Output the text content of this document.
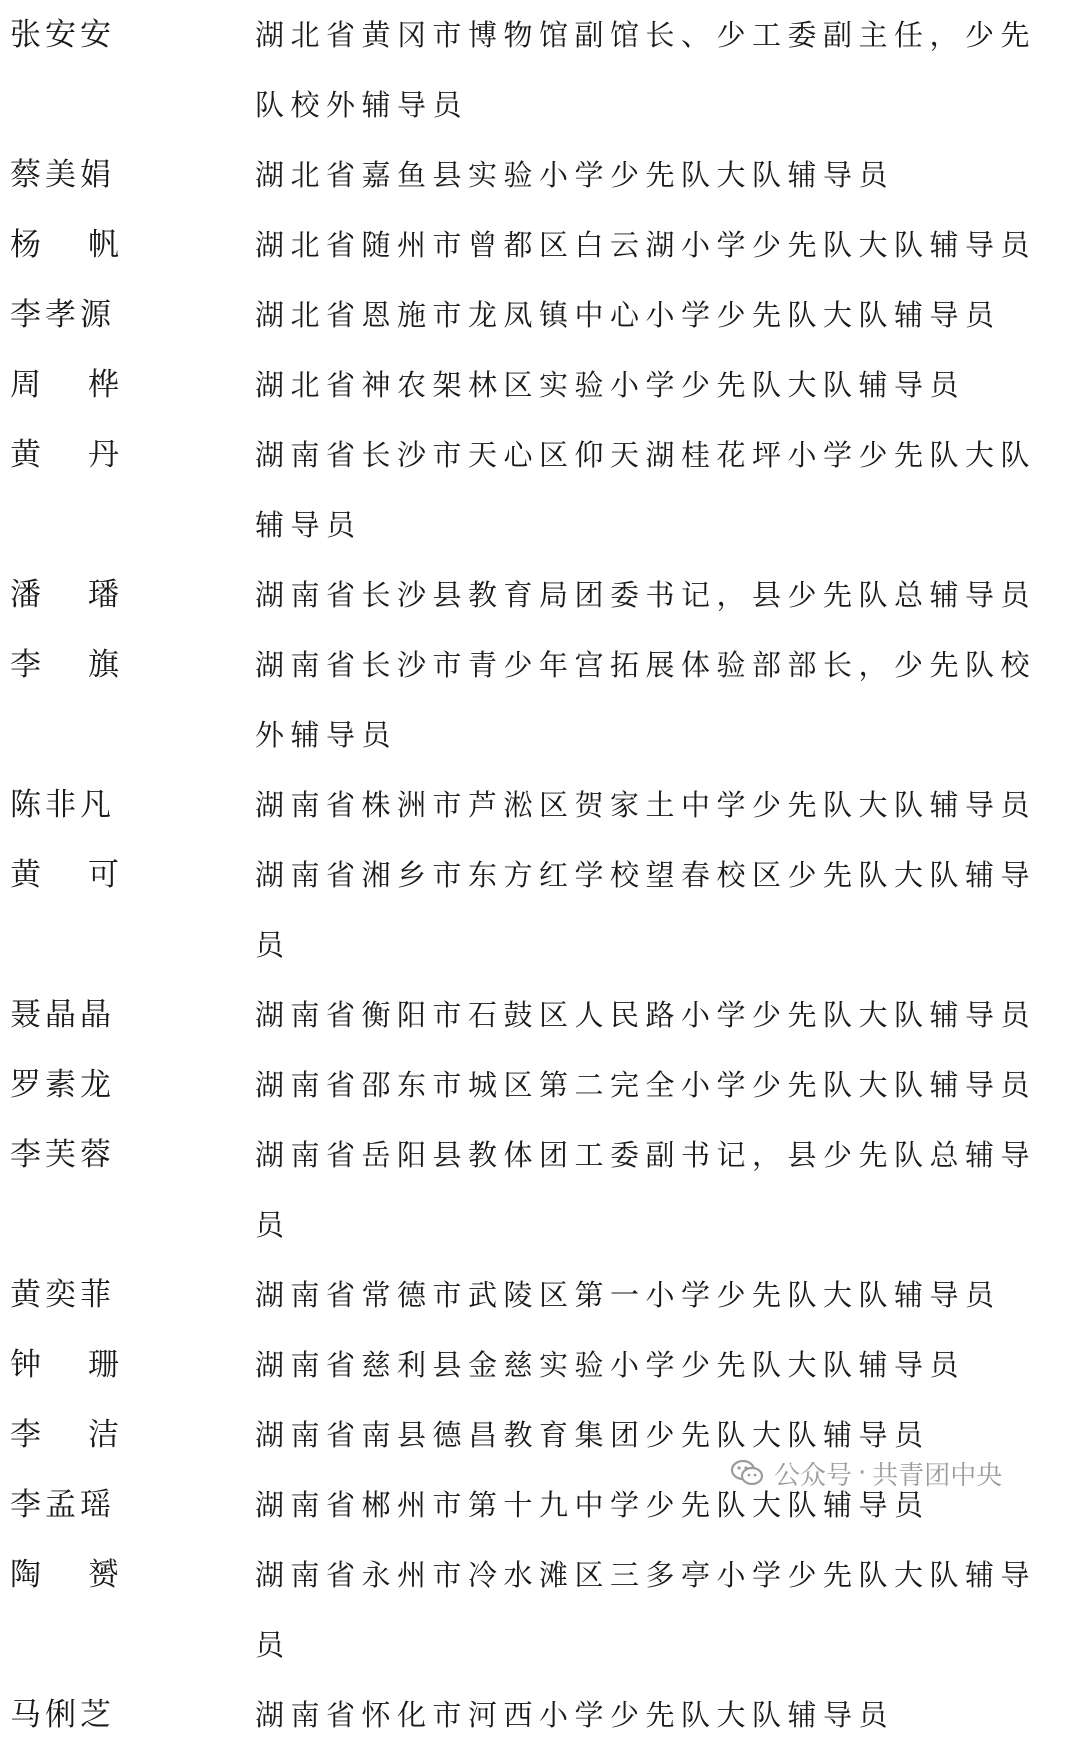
张安安	湖北省黄冈市博物馆副馆长、少工委副主任，少先队校外辅导员
蔡美娟	湖北省嘉鱼县实验小学少先队大队辅导员
杨 帆	湖北省随州市曾都区白云湖小学少先队大队辅导员
李孝源	湖北省恩施市龙凤镇中心小学少先队大队辅导员
周 桦	湖北省神农架林区实验小学少先队大队辅导员
黄 丹	湖南省长沙市天心区仰天湖桂花坪小学少先队大队辅导员
潘 璠	湖南省长沙县教育局团委书记，县少先队总辅导员
李 旗	湖南省长沙市青少年宫拓展体验部部长，少先队校外辅导员
陈非凡	湖南省株洲市芦淞区贺家土中学少先队大队辅导员
黄 可	湖南省湘乡市东方红学校望春校区少先队大队辅导员
聂晶晶	湖南省衡阳市石鼓区人民路小学少先队大队辅导员
罗素龙	湖南省邵东市城区第二完全小学少先队大队辅导员
李芙蓉	湖南省岳阳县教体团工委副书记，县少先队总辅导员
黄奕菲	湖南省常德市武陵区第一小学少先队大队辅导员
钟 珊	湖南省慈利县金慈实验小学少先队大队辅导员
李 洁	湖南省南县德昌教育集团少先队大队辅导员
李孟瑶	湖南省郴州市第十九中学少先队大队辅导员
陶 赟	湖南省永州市冷水滩区三多亭小学少先队大队辅导员
马俐芝	湖南省怀化市河西小学少先队大队辅导员
公众号 · 共青团中央
